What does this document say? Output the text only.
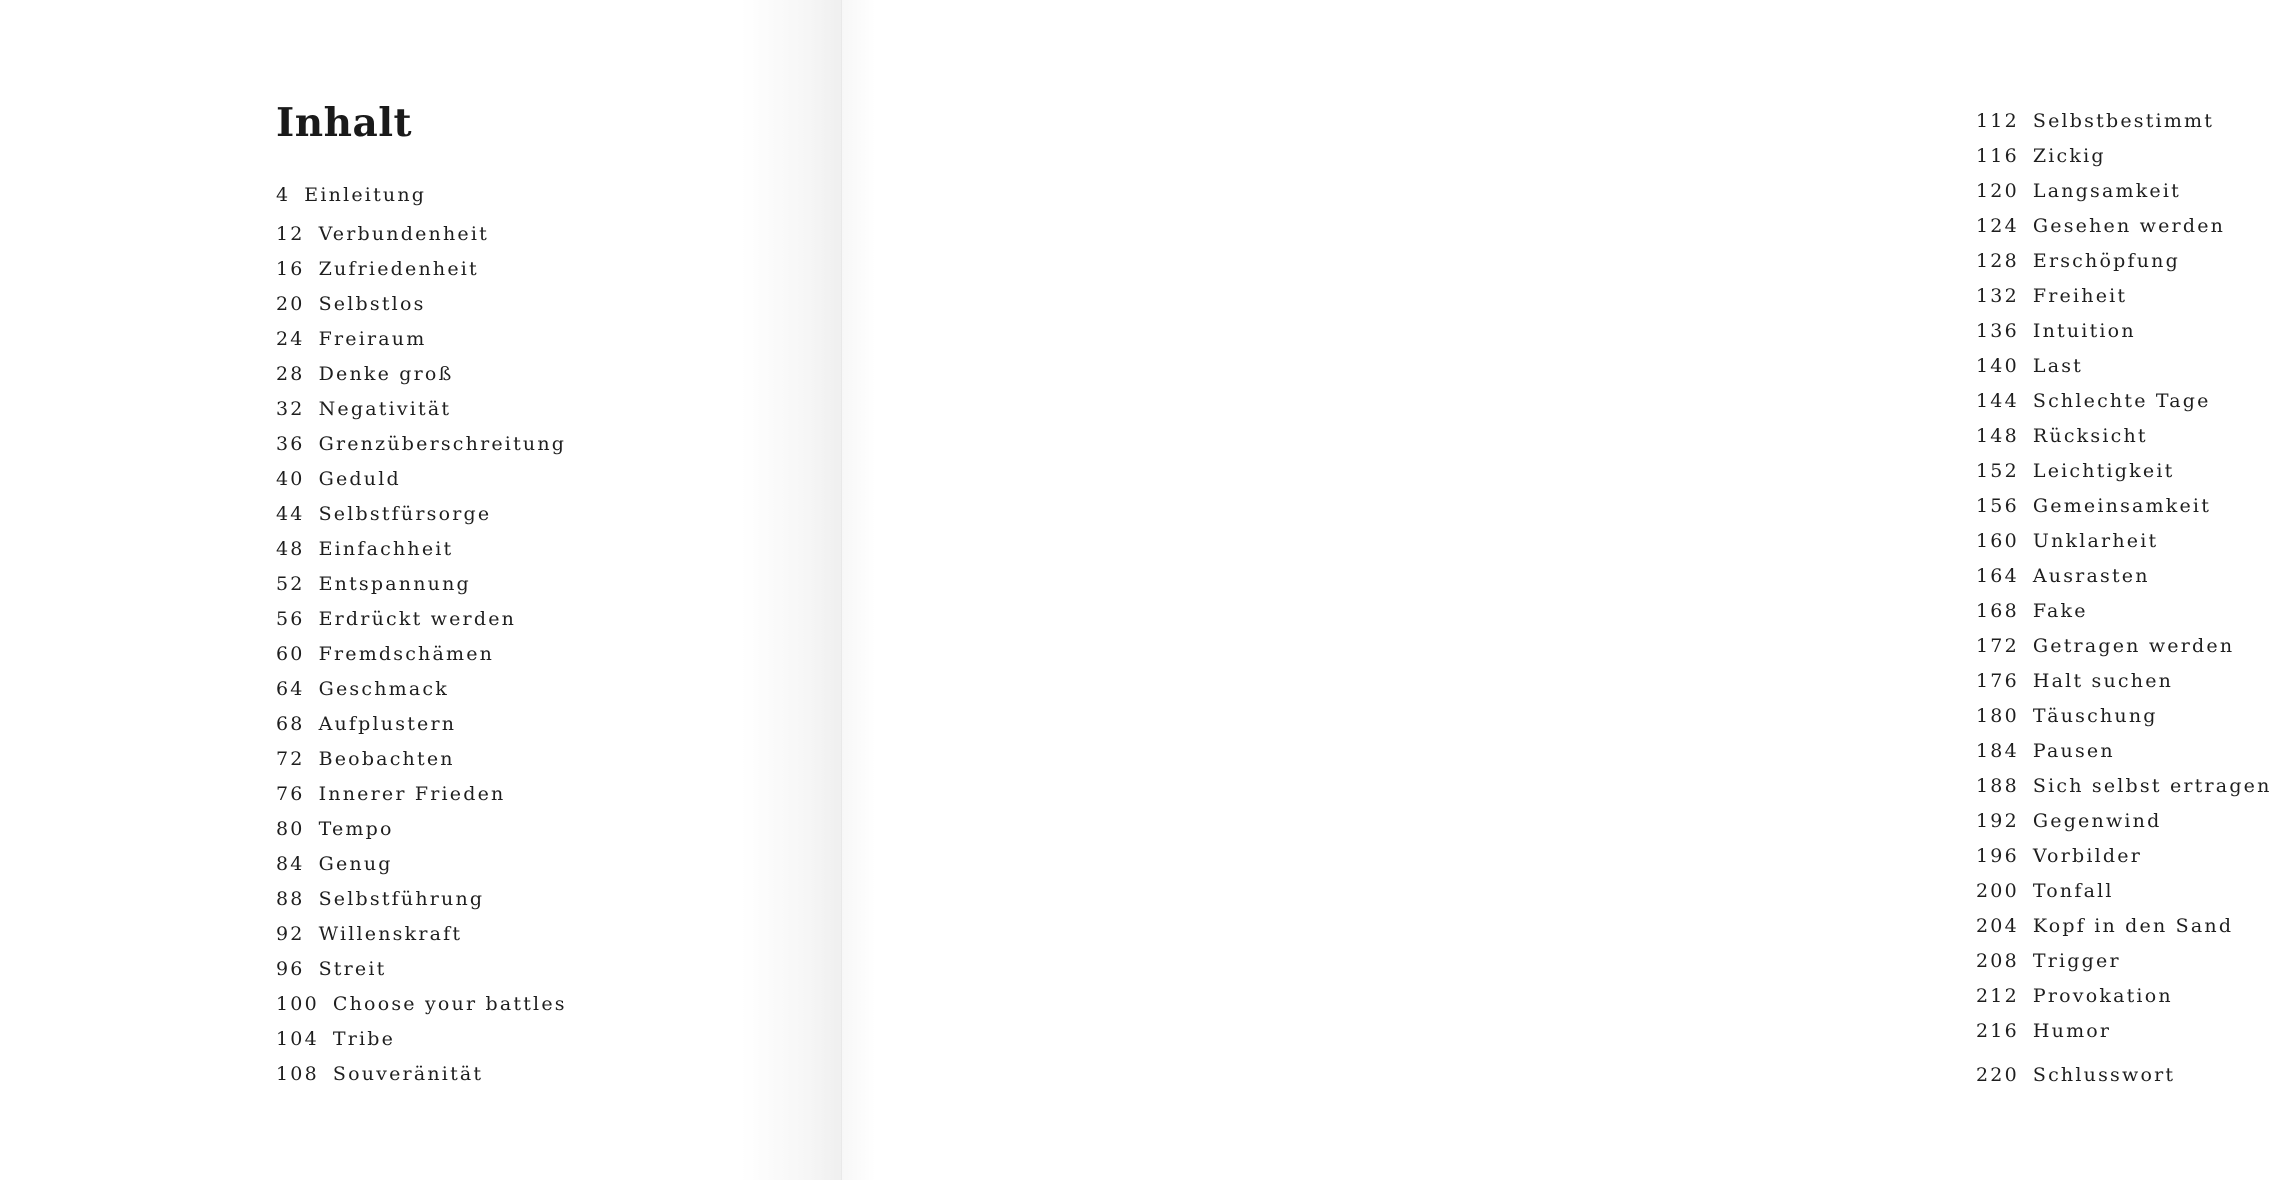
Inhalt
4 Einleitung
12 Verbundenheit
16 Zufriedenheit
20 Selbstlos
24 Freiraum
28 Denke groß
32 Negativität
36 Grenzüberschreitung
40 Geduld
44 Selbstfürsorge
48 Einfachheit
52 Entspannung
56 Erdrückt werden
60 Fremdschämen
64 Geschmack
68 Aufplustern
72 Beobachten
76 Innerer Frieden
80 Tempo
84 Genug
88 Selbstführung
92 Willenskraft
96 Streit
100 Choose your battles
104 Tribe
108 Souveränität
112 Selbstbestimmt
116 Zickig
120 Langsamkeit
124 Gesehen werden
128 Erschöpfung
132 Freiheit
136 Intuition
140 Last
144 Schlechte Tage
148 Rücksicht
152 Leichtigkeit
156 Gemeinsamkeit
160 Unklarheit
164 Ausrasten
168 Fake
172 Getragen werden
176 Halt suchen
180 Täuschung
184 Pausen
188 Sich selbst ertragen
192 Gegenwind
196 Vorbilder
200 Tonfall
204 Kopf in den Sand
208 Trigger
212 Provokation
216 Humor
220 Schlusswort
